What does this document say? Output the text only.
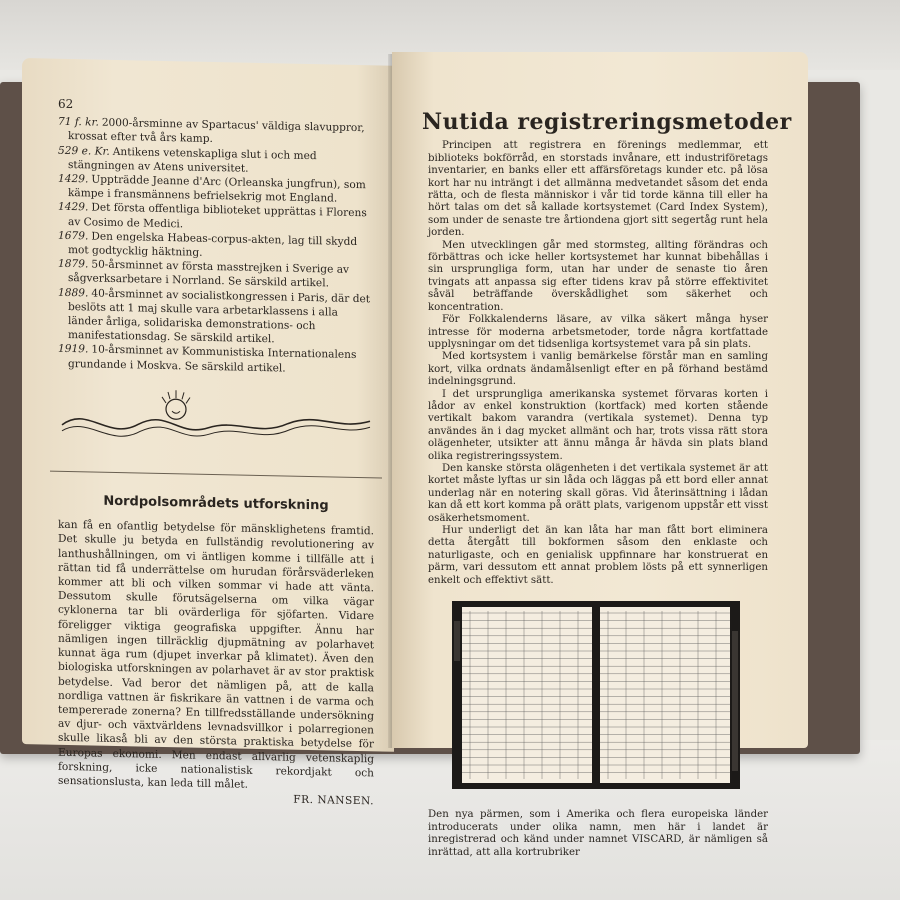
62

71 f. kr. 2000-årsminne av Spartacus' väldiga slavuppror, krossat efter två års kamp.

529 e. Kr. Antikens vetenskapliga slut i och med stängningen av Atens universitet.

1429. Uppträdde Jeanne d'Arc (Orleanska jungfrun), som kämpe i fransmännens befrielsekrig mot England.

1429. Det första offentliga biblioteket upprättas i Florens av Cosimo de Medici.

1679. Den engelska Habeas-corpus-akten, lag till skydd mot godtycklig häktning.

1879. 50-årsminnet av första masstrejken i Sverige av sågverksarbetare i Norrland. Se särskild artikel.

1889. 40-årsminnet av socialistkongressen i Paris, där det beslöts att 1 maj skulle vara arbetarklassens i alla länder årliga, solidariska demonstrations- och manifestationsdag. Se särskild artikel.

1919. 10-årsminnet av Kommunistiska Internationalens grundande i Moskva. Se särskild artikel.

Nordpolsområdets utforskning

kan få en ofantlig betydelse för mänsklighetens framtid. Det skulle ju betyda en fullständig revolutionering av lanthushållningen, om vi äntligen komme i tillfälle att i rättan tid få underrättelse om hurudan förårsväderleken kommer att bli och vilken sommar vi hade att vänta. Dessutom skulle förutsägelserna om vilka vägar cyklonerna tar bli ovärderliga för sjöfarten. Vidare föreligger viktiga geografiska uppgifter. Ännu har nämligen ingen tillräcklig djupmätning av polarhavet kunnat äga rum (djupet inverkar på klimatet). Även den biologiska utforskningen av polarhavet är av stor praktisk betydelse. Vad beror det nämligen på, att de kalla nordliga vattnen är fiskrikare än vattnen i de varma och tempererade zonerna? En tillfredsställande undersökning av djur- och växtvärldens levnadsvillkor i polarregionen skulle likaså bli av den största praktiska betydelse för Europas ekonomi. Men endast allvarlig vetenskaplig forskning, icke nationalistisk rekordjakt och sensationslusta, kan leda till målet.

FR. NANSEN.
Nutida registreringsmetoder

Principen att registrera en förenings medlemmar, ett biblioteks bokförråd, en storstads invånare, ett industriföretags inventarier, en banks eller ett affärsföretags kunder etc. på lösa kort har nu inträngt i det allmänna medvetandet såsom det enda rätta, och de flesta människor i vår tid torde känna till eller ha hört talas om det så kallade kortsystemet (Card Index System), som under de senaste tre årtiondena gjort sitt segertåg runt hela jorden.

Men utvecklingen går med stormsteg, allting förändras och förbättras och icke heller kortsystemet har kunnat bibehållas i sin ursprungliga form, utan har under de senaste tio åren tvingats att anpassa sig efter tidens krav på större effektivitet såväl beträffande överskådlighet som säkerhet och koncentration.

För Folkkalenderns läsare, av vilka säkert många hyser intresse för moderna arbetsmetoder, torde några kortfattade upplysningar om det tidsenliga kortsystemet vara på sin plats.

Med kortsystem i vanlig bemärkelse förstår man en samling kort, vilka ordnats ändamålsenligt efter en på förhand bestämd indelningsgrund.

I det ursprungliga amerikanska systemet förvaras korten i lådor av enkel konstruktion (kortfack) med korten stående vertikalt bakom varandra (vertikala systemet). Denna typ användes än i dag mycket allmänt och har, trots vissa rätt stora olägenheter, utsikter att ännu många år hävda sin plats bland olika registreringssystem.

Den kanske största olägenheten i det vertikala systemet är att kortet måste lyftas ur sin låda och läggas på ett bord eller annat underlag när en notering skall göras. Vid återinsättning i lådan kan då ett kort komma på orätt plats, varigenom uppstår ett visst osäkerhetsmoment.

Hur underligt det än kan låta har man fått bort eliminera detta återgått till bokformen såsom den enklaste och naturligaste, och en genialisk uppfinnare har konstruerat en pärm, vari dessutom ett annat problem lösts på ett synnerligen enkelt och effektivt sätt.

Den nya pärmen, som i Amerika och flera europeiska länder introducerats under olika namn, men här i landet är inregistrerad och känd under namnet VISCARD, är nämligen så inrättad, att alla kortrubriker
